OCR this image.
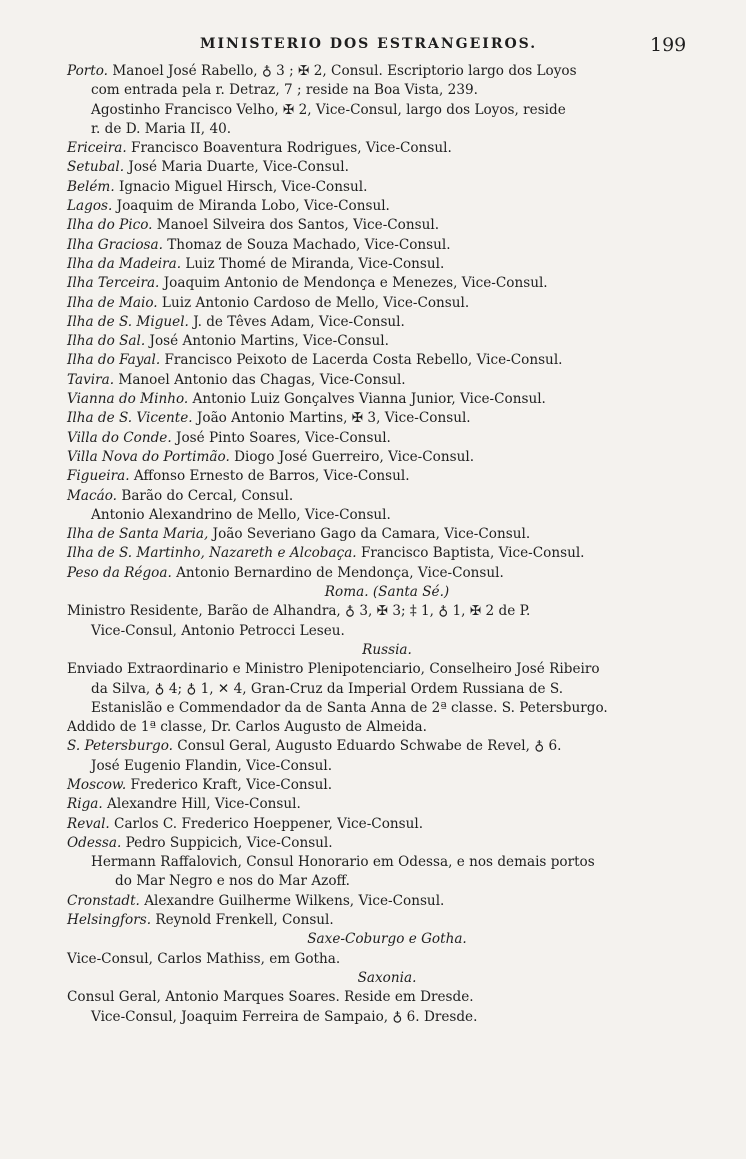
MINISTERIO DOS ESTRANGEIROS.	199

Porto. Manoel José Rabello, ♁ 3 ; ✠ 2, Consul. Escriptorio largo dos Loyos

com entrada pela r. Detraz, 7 ; reside na Boa Vista, 239.

Agostinho Francisco Velho, ✠ 2, Vice-Consul, largo dos Loyos, reside

r. de D. Maria II, 40.

Ericeira. Francisco Boaventura Rodrigues, Vice-Consul.

Setubal. José Maria Duarte, Vice-Consul.

Belém. Ignacio Miguel Hirsch, Vice-Consul.

Lagos. Joaquim de Miranda Lobo, Vice-Consul.

Ilha do Pico. Manoel Silveira dos Santos, Vice-Consul.

Ilha Graciosa. Thomaz de Souza Machado, Vice-Consul.

Ilha da Madeira. Luiz Thomé de Miranda, Vice-Consul.

Ilha Terceira. Joaquim Antonio de Mendonça e Menezes, Vice-Consul.

Ilha de Maio. Luiz Antonio Cardoso de Mello, Vice-Consul.

Ilha de S. Miguel. J. de Têves Adam, Vice-Consul.

Ilha do Sal. José Antonio Martins, Vice-Consul.

Ilha do Fayal. Francisco Peixoto de Lacerda Costa Rebello, Vice-Consul.

Tavira. Manoel Antonio das Chagas, Vice-Consul.

Vianna do Minho. Antonio Luiz Gonçalves Vianna Junior, Vice-Consul.

Ilha de S. Vicente. João Antonio Martins, ✠ 3, Vice-Consul.

Villa do Conde. José Pinto Soares, Vice-Consul.

Villa Nova do Portimão. Diogo José Guerreiro, Vice-Consul.

Figueira. Affonso Ernesto de Barros, Vice-Consul.

Macáo. Barão do Cercal, Consul.

Antonio Alexandrino de Mello, Vice-Consul.

Ilha de Santa Maria, João Severiano Gago da Camara, Vice-Consul.

Ilha de S. Martinho, Nazareth e Alcobaça. Francisco Baptista, Vice-Consul.

Peso da Régoa. Antonio Bernardino de Mendonça, Vice-Consul.

Roma. (Santa Sé.)

Ministro Residente, Barão de Alhandra, ♁ 3, ✠ 3; ‡ 1, ♁ 1, ✠ 2 de P.

Vice-Consul, Antonio Petrocci Leseu.

Russia.

Enviado Extraordinario e Ministro Plenipotenciario, Conselheiro José Ribeiro

da Silva, ♁ 4; ♁ 1, ✕ 4, Gran-Cruz da Imperial Ordem Russiana de S.

Estanislão e Commendador da de Santa Anna de 2ª classe. S. Petersburgo.

Addido de 1ª classe, Dr. Carlos Augusto de Almeida.

S. Petersburgo. Consul Geral, Augusto Eduardo Schwabe de Revel, ♁ 6.

José Eugenio Flandin, Vice-Consul.

Moscow. Frederico Kraft, Vice-Consul.

Riga. Alexandre Hill, Vice-Consul.

Reval. Carlos C. Frederico Hoeppener, Vice-Consul.

Odessa. Pedro Suppicich, Vice-Consul.

Hermann Raffalovich, Consul Honorario em Odessa, e nos demais portos

do Mar Negro e nos do Mar Azoff.

Cronstadt. Alexandre Guilherme Wilkens, Vice-Consul.

Helsingfors. Reynold Frenkell, Consul.

Saxe-Coburgo e Gotha.

Vice-Consul, Carlos Mathiss, em Gotha.

Saxonia.

Consul Geral, Antonio Marques Soares. Reside em Dresde.

Vice-Consul, Joaquim Ferreira de Sampaio, ♁ 6. Dresde.
